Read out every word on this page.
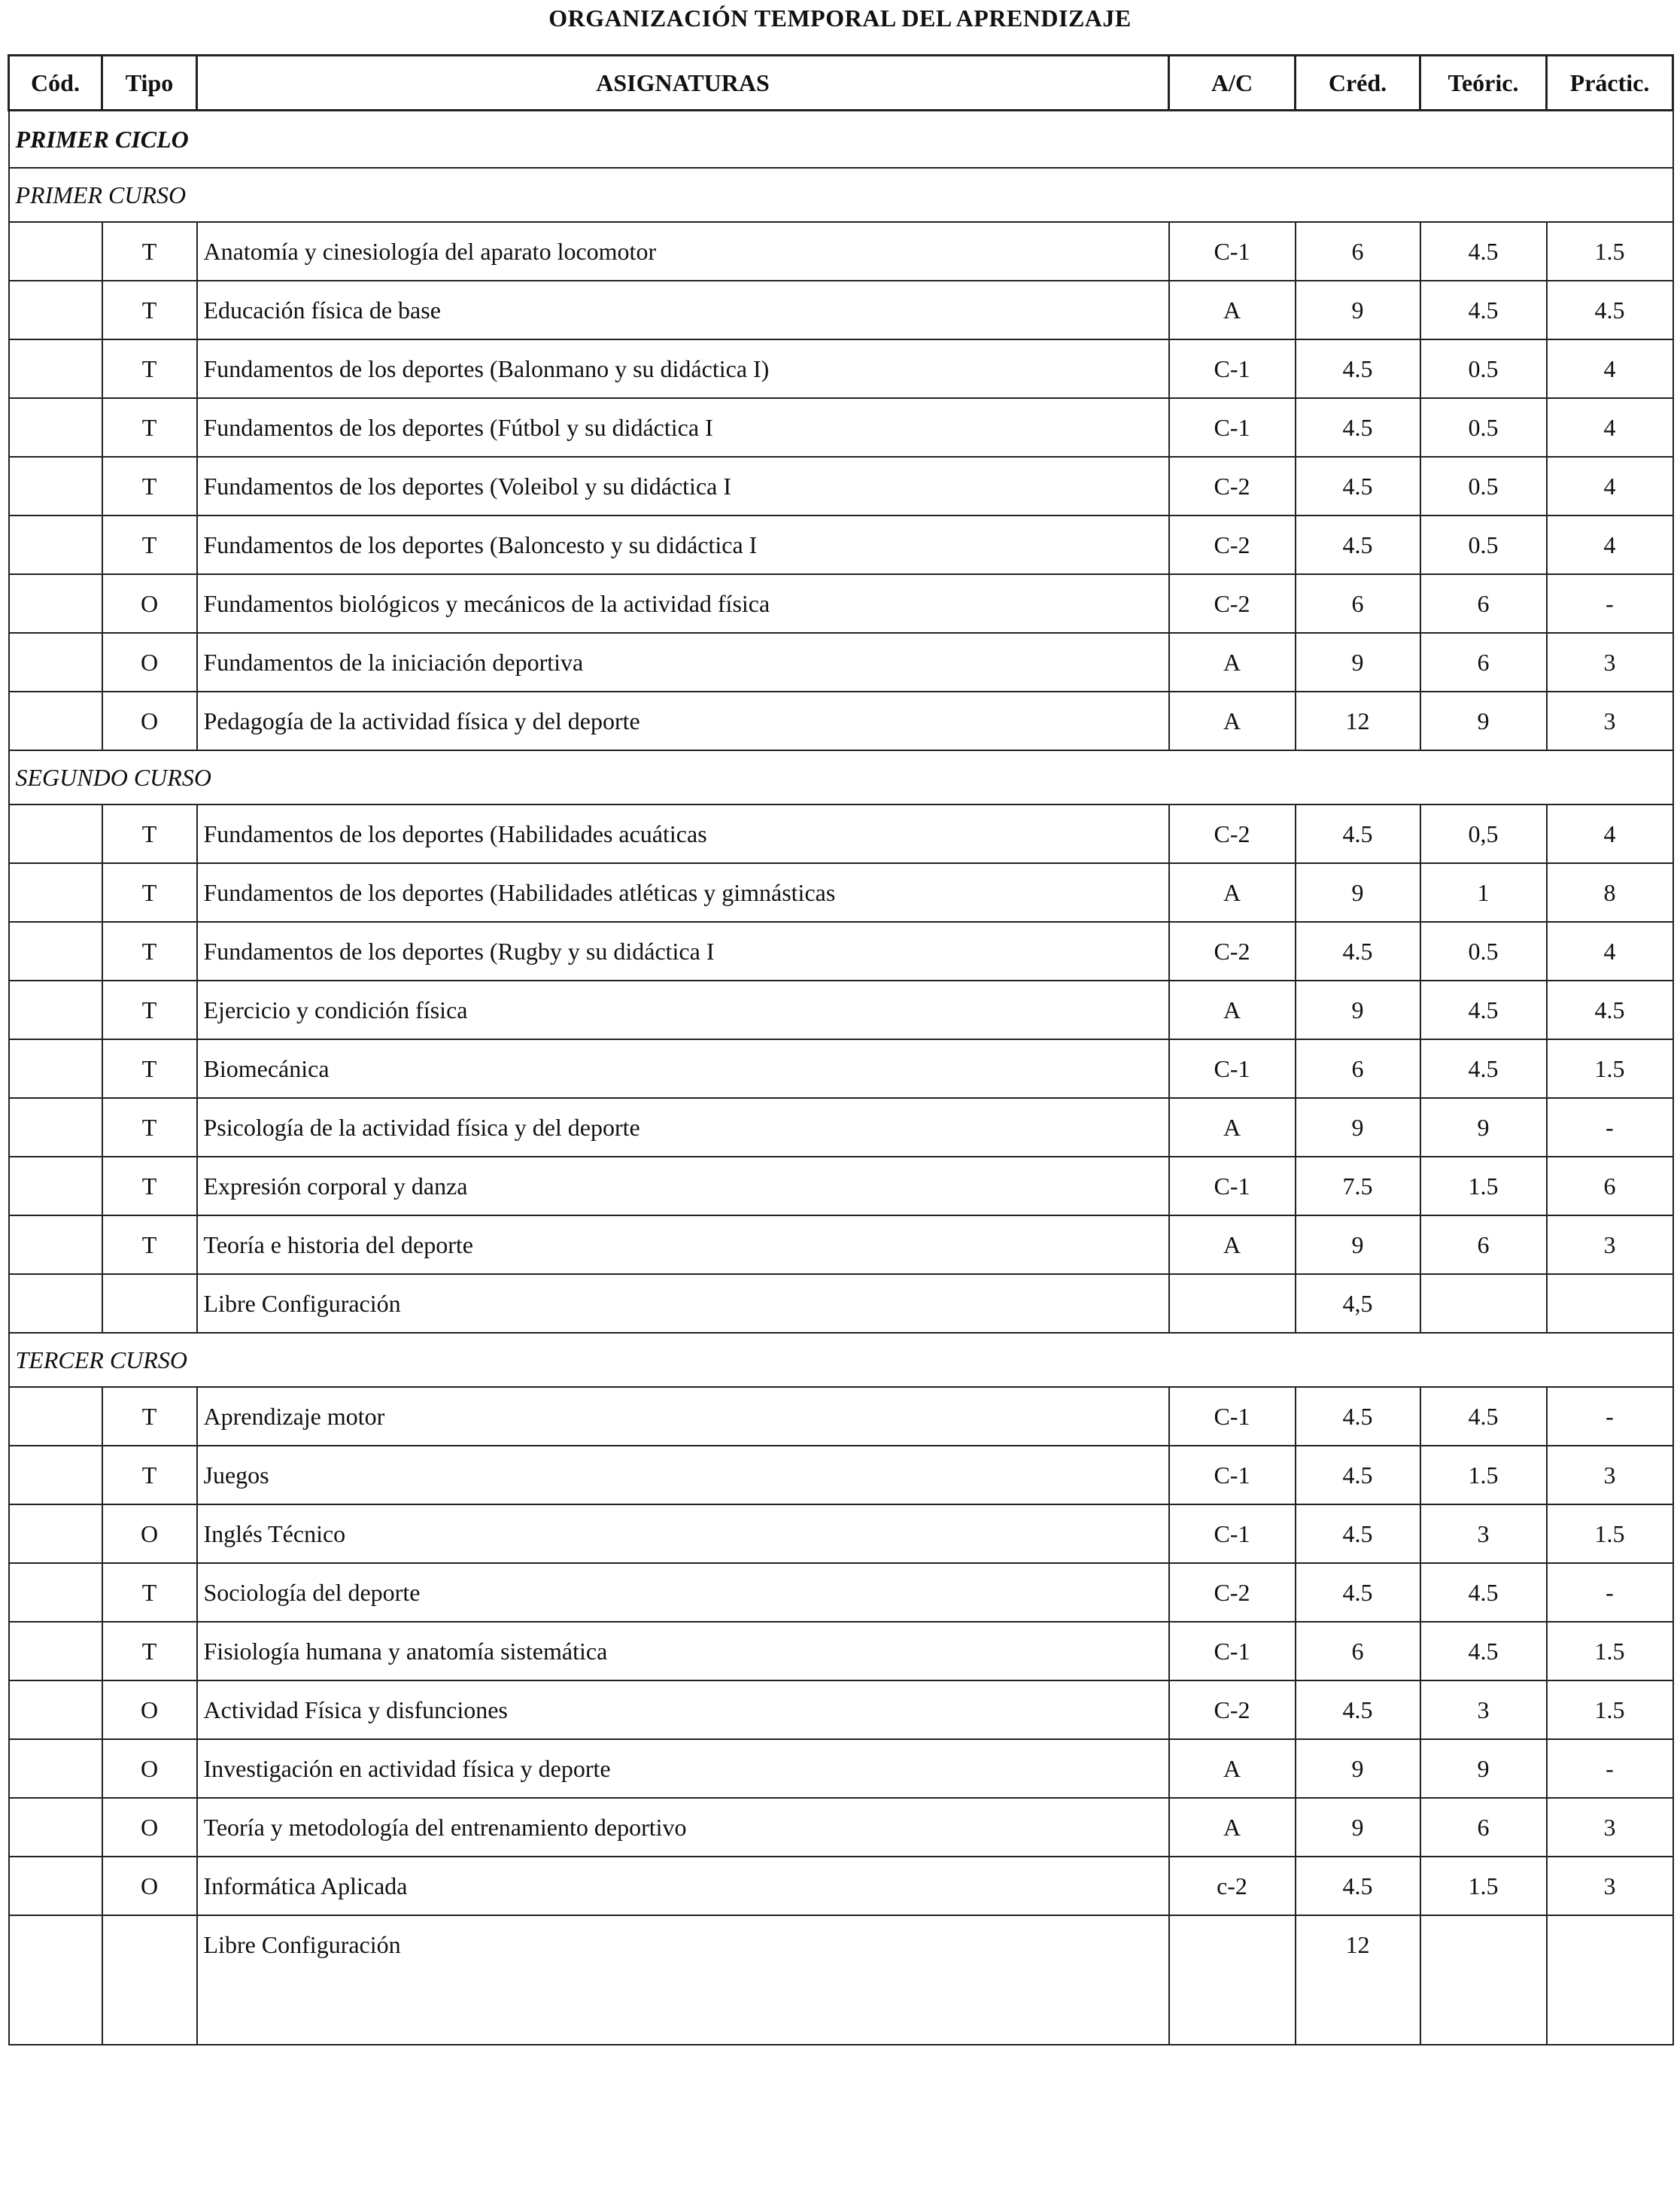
ORGANIZACIÓN TEMPORAL DEL APRENDIZAJE
Cód.	Tipo	ASIGNATURAS	A/C	Créd.	Teóric.	Práctic.
PRIMER CICLO						
PRIMER CURSO						
	T	Anatomía y cinesiología del aparato locomotor	C-1	6	4.5	1.5
	T	Educación física de base	A	9	4.5	4.5
	T	Fundamentos de los deportes (Balonmano y su didáctica I)	C-1	4.5	0.5	4
	T	Fundamentos de los deportes (Fútbol y su didáctica I	C-1	4.5	0.5	4
	T	Fundamentos de los deportes (Voleibol y su didáctica I	C-2	4.5	0.5	4
	T	Fundamentos de los deportes (Baloncesto y su didáctica I	C-2	4.5	0.5	4
	O	Fundamentos biológicos y mecánicos de la actividad física	C-2	6	6	-
	O	Fundamentos de la iniciación deportiva	A	9	6	3
	O	Pedagogía de la actividad física y del deporte	A	12	9	3
SEGUNDO CURSO						
	T	Fundamentos de los deportes (Habilidades acuáticas	C-2	4.5	0,5	4
	T	Fundamentos de los deportes (Habilidades atléticas y gimnásticas	A	9	1	8
	T	Fundamentos de los deportes (Rugby y su didáctica I	C-2	4.5	0.5	4
	T	Ejercicio y condición física	A	9	4.5	4.5
	T	Biomecánica	C-1	6	4.5	1.5
	T	Psicología de la actividad física y del deporte	A	9	9	-
	T	Expresión corporal y danza	C-1	7.5	1.5	6
	T	Teoría e historia del deporte	A	9	6	3
		Libre Configuración		4,5		
TERCER CURSO						
	T	Aprendizaje motor	C-1	4.5	4.5	-
	T	Juegos	C-1	4.5	1.5	3
	O	Inglés Técnico	C-1	4.5	3	1.5
	T	Sociología del deporte	C-2	4.5	4.5	-
	T	Fisiología humana y anatomía sistemática	C-1	6	4.5	1.5
	O	Actividad Física y disfunciones	C-2	4.5	3	1.5
	O	Investigación en actividad física y deporte	A	9	9	-
	O	Teoría y metodología del entrenamiento deportivo	A	9	6	3
	O	Informática Aplicada	c-2	4.5	1.5	3
		Libre Configuración		12		
